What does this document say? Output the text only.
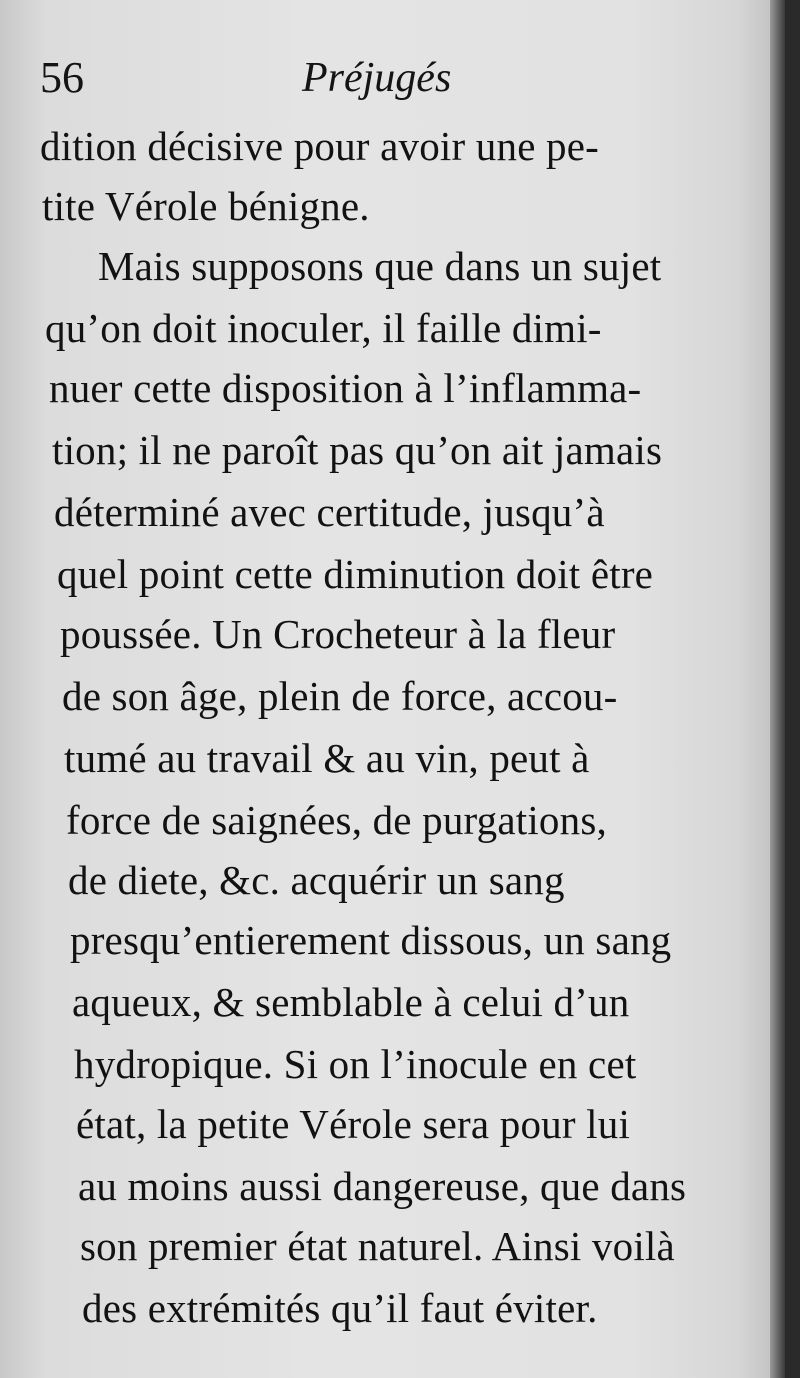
56	Préjugés
dition décisive pour avoir une pe-
tite Vérole bénigne.
Mais supposons que dans un sujet
qu’on doit inoculer, il faille dimi-
nuer cette disposition à l’inflamma-
tion; il ne paroît pas qu’on ait jamais
déterminé avec certitude, jusqu’à
quel point cette diminution doit être
poussée. Un Crocheteur à la fleur
de son âge, plein de force, accou-
tumé au travail & au vin, peut à
force de saignées, de purgations,
de diete, &c. acquérir un sang
presqu’entierement dissous, un sang
aqueux, & semblable à celui d’un
hydropique. Si on l’inocule en cet
état, la petite Vérole sera pour lui
au moins aussi dangereuse, que dans
son premier état naturel. Ainsi voilà
des extrémités qu’il faut éviter.
